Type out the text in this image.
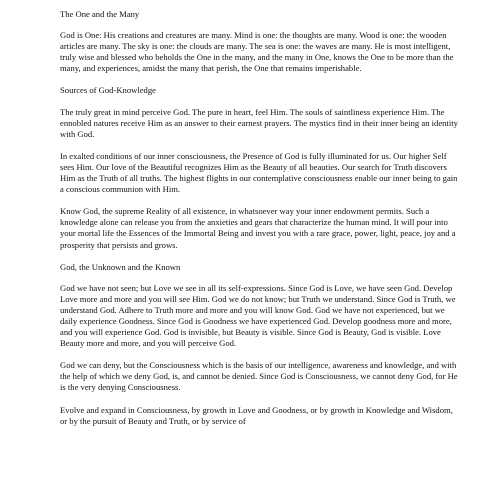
The One and the Many

God is One: His creations and creatures are many. Mind is one: the thoughts are many. Wood is one: the wooden articles are many. The sky is one: the clouds are many. The sea is one: the waves are many. He is most intelligent, truly wise and blessed who beholds the One in the many, and the many in One, knows the One to be more than the many, and experiences, amidst the many that perish, the One that remains imperishable.

Sources of God-Knowledge

The truly great in mind perceive God. The pure in heart, feel Him. The souls of saintliness experience Him. The ennobled natures receive Him as an answer to their earnest prayers. The mystics find in their inner being an identity with God.

In exalted conditions of our inner consciousness, the Presence of God is fully illuminated for us. Our higher Self sees Him. Our love of the Beautiful recognizes Him as the Beauty of all beauties. Our search for Truth discovers Him as the Truth of all truths. The highest flights in our contemplative consciousness enable our inner being to gain a conscious communion with Him.

Know God, the supreme Reality of all existence, in whatsoever way your inner endowment permits. Such a knowledge alone can release you from the anxieties and gears that characterize the human mind. It will pour into your mortal life the Essences of the Immortal Being and invest you with a rare grace, power, light, peace, joy and a prosperity that persists and grows.

God, the Unknown and the Known

God we have not seen; but Love we see in all its self-expressions. Since God is Love, we have seen God. Develop Love more and more and you will see Him. God we do not know; but Truth we understand. Since God is Truth, we understand God. Adhere to Truth more and more and you will know God. God we have not experienced, but we daily experience Goodness. Since God is Goodness we have experienced God. Develop goodness more and more, and you will experience God. God is invisible, but Beauty is visible. Since God is Beauty, God is visible. Love Beauty more and more, and you will perceive God.

God we can deny, but the Consciousness which is the basis of our intelligence, awareness and knowledge, and with the help of which we deny God, is, and cannot be denied. Since God is Consciousness, we cannot deny God, for He is the very denying Consciousness.

Evolve and expand in Consciousness, by growth in Love and Goodness, or by growth in Knowledge and Wisdom, or by the pursuit of Beauty and Truth, or by service of
